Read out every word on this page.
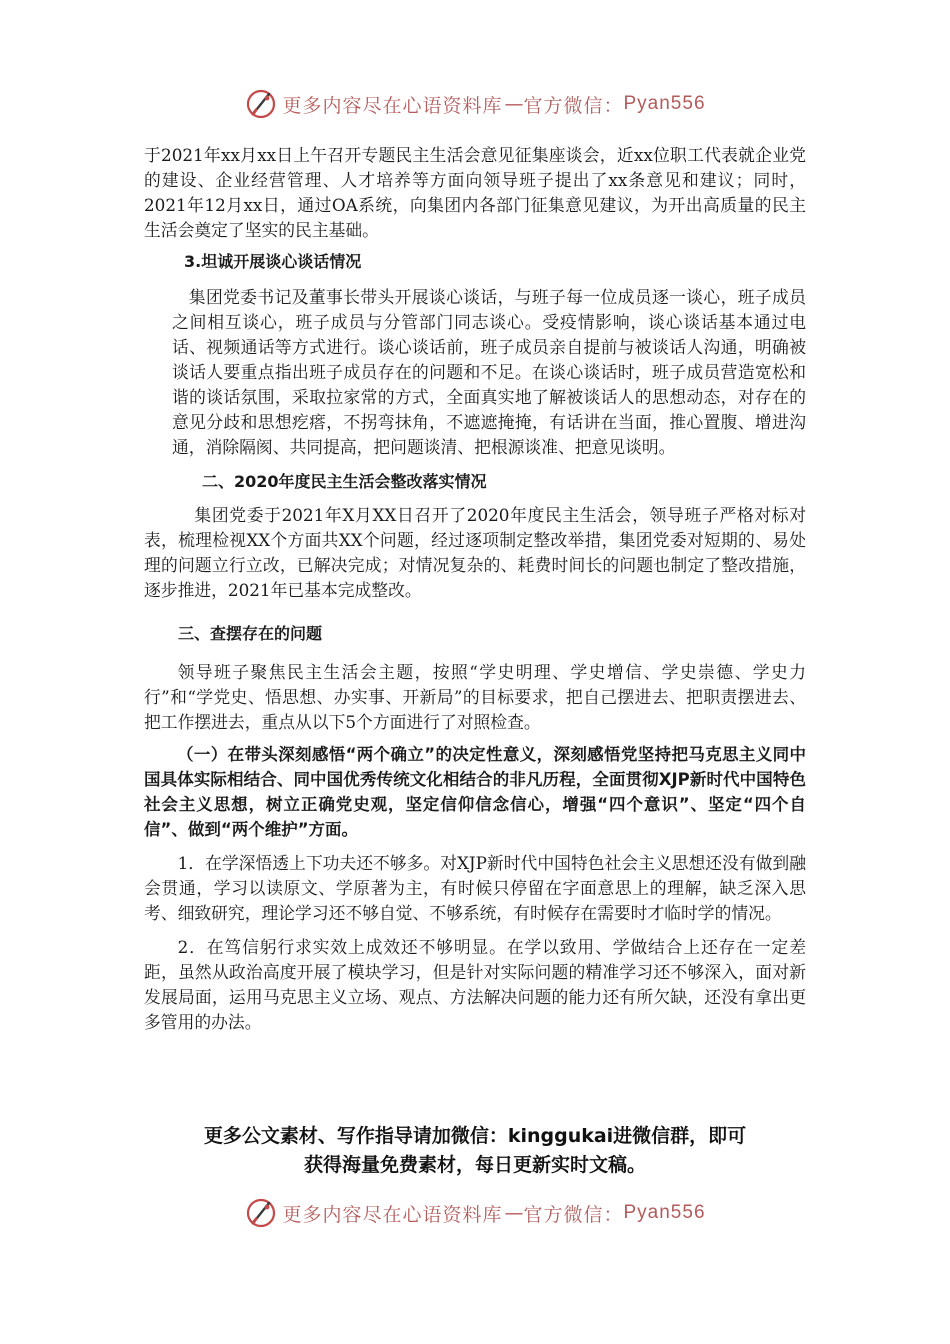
更多内容尽在心语资料库 — 官方微信： Pyan556

于2021年xx月xx日上午召开专题民主生活会意见征集座谈会，近xx位职工代表就企业党的建设、企业经营管理、人才培养等方面向领导班子提出了xx条意见和建议；同时，2021年12月xx日，通过OA系统，向集团内各部门征集意见建议，为开出高质量的民主生活会奠定了坚实的民主基础。

3.坦诚开展谈心谈话情况

集团党委书记及董事长带头开展谈心谈话，与班子每一位成员逐一谈心，班子成员之间相互谈心，班子成员与分管部门同志谈心。受疫情影响，谈心谈话基本通过电话、视频通话等方式进行。谈心谈话前，班子成员亲自提前与被谈话人沟通，明确被谈话人要重点指出班子成员存在的问题和不足。在谈心谈话时，班子成员营造宽松和谐的谈话氛围，采取拉家常的方式，全面真实地了解被谈话人的思想动态，对存在的意见分歧和思想疙瘩，不拐弯抹角，不遮遮掩掩，有话讲在当面，推心置腹、增进沟通，消除隔阂、共同提高，把问题谈清、把根源谈准、把意见谈明。

二、2020年度民主生活会整改落实情况

集团党委于2021年X月XX日召开了2020年度民主生活会，领导班子严格对标对表，梳理检视XX个方面共XX个问题，经过逐项制定整改举措，集团党委对短期的、易处理的问题立行立改，已解决完成；对情况复杂的、耗费时间长的问题也制定了整改措施，逐步推进，2021年已基本完成整改。

三、查摆存在的问题

领导班子聚焦民主生活会主题，按照“学史明理、学史增信、学史崇德、学史力行”和“学党史、悟思想、办实事、开新局”的目标要求，把自己摆进去、把职责摆进去、把工作摆进去，重点从以下5个方面进行了对照检查。

（一）在带头深刻感悟“两个确立”的决定性意义，深刻感悟党坚持把马克思主义同中国具体实际相结合、同中国优秀传统文化相结合的非凡历程，全面贯彻XJP新时代中国特色社会主义思想，树立正确党史观，坚定信仰信念信心，增强“四个意识”、坚定“四个自信”、做到“两个维护”方面。

1．在学深悟透上下功夫还不够多。对XJP新时代中国特色社会主义思想还没有做到融会贯通，学习以读原文、学原著为主，有时候只停留在字面意思上的理解，缺乏深入思考、细致研究，理论学习还不够自觉、不够系统，有时候存在需要时才临时学的情况。

2．在笃信躬行求实效上成效还不够明显。在学以致用、学做结合上还存在一定差距，虽然从政治高度开展了模块学习，但是针对实际问题的精准学习还不够深入，面对新发展局面，运用马克思主义立场、观点、方法解决问题的能力还有所欠缺，还没有拿出更多管用的办法。

更多公文素材、写作指导请加微信：kinggukai进微信群，即可
获得海量免费素材，每日更新实时文稿。
更多内容尽在心语资料库 — 官方微信： Pyan556
